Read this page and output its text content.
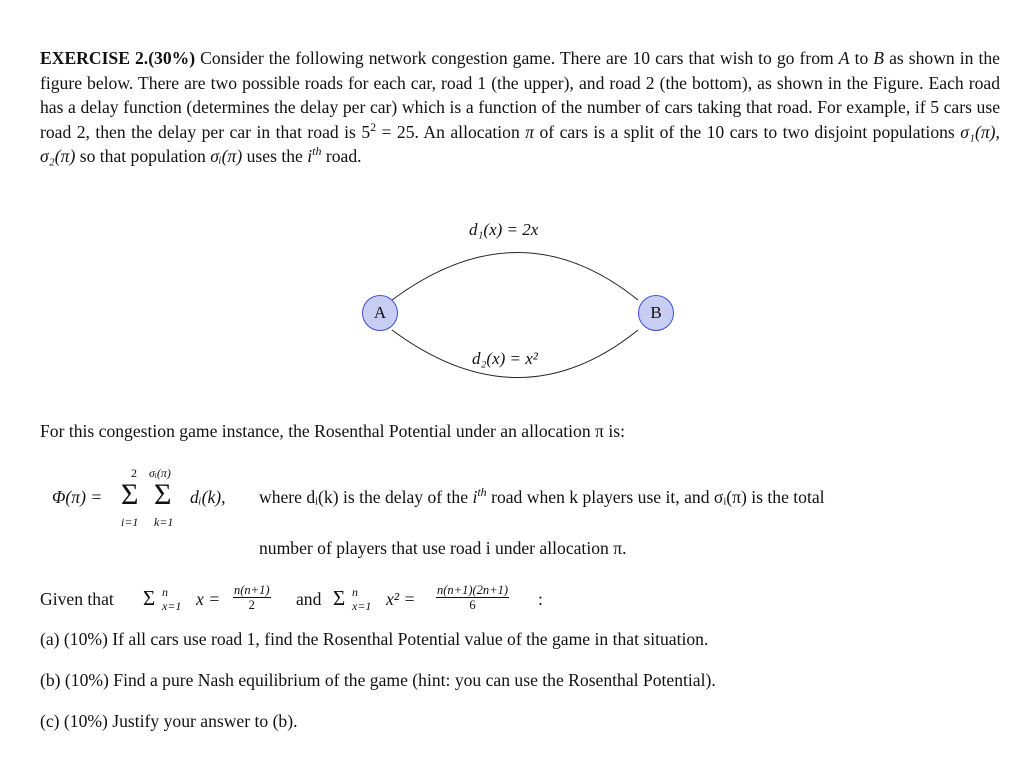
EXERCISE 2.(30%) Consider the following network congestion game. There are 10 cars that wish to go from A to B as shown in the figure below. There are two possible roads for each car, road 1 (the upper), and road 2 (the bottom), as shown in the Figure. Each road has a delay function (determines the delay per car) which is a function of the number of cars taking that road. For example, if 5 cars use road 2, then the delay per car in that road is $5^2 = 25$. An allocation π of cars is a split of the 10 cars to two disjoint populations σ₁(π), σ₂(π) so that population σᵢ(π) uses the $i^{th}$ road.
A	B
d₁(x) = 2x
d₂(x) = x²
For this congestion game instance, the Rosenthal Potential under an allocation π is:
Φ(π) =
2
Σ
i=1
σᵢ(π)
Σ
k=1
dᵢ(k), where dᵢ(k) is the delay of the $i^{th}$ road when k players use it, and σᵢ(π) is the total
number of players that use road i under allocation π.
Given that Σ n
x=1 $x = \frac{n(n+1)}{2}$ and Σ n
x=1 $x^2 = \frac{n(n+1)(2n+1)}{6}$ :
(a) (10%) If all cars use road 1, find the Rosenthal Potential value of the game in that situation.
(b) (10%) Find a pure Nash equilibrium of the game (hint: you can use the Rosenthal Potential).
(c) (10%) Justify your answer to (b).
